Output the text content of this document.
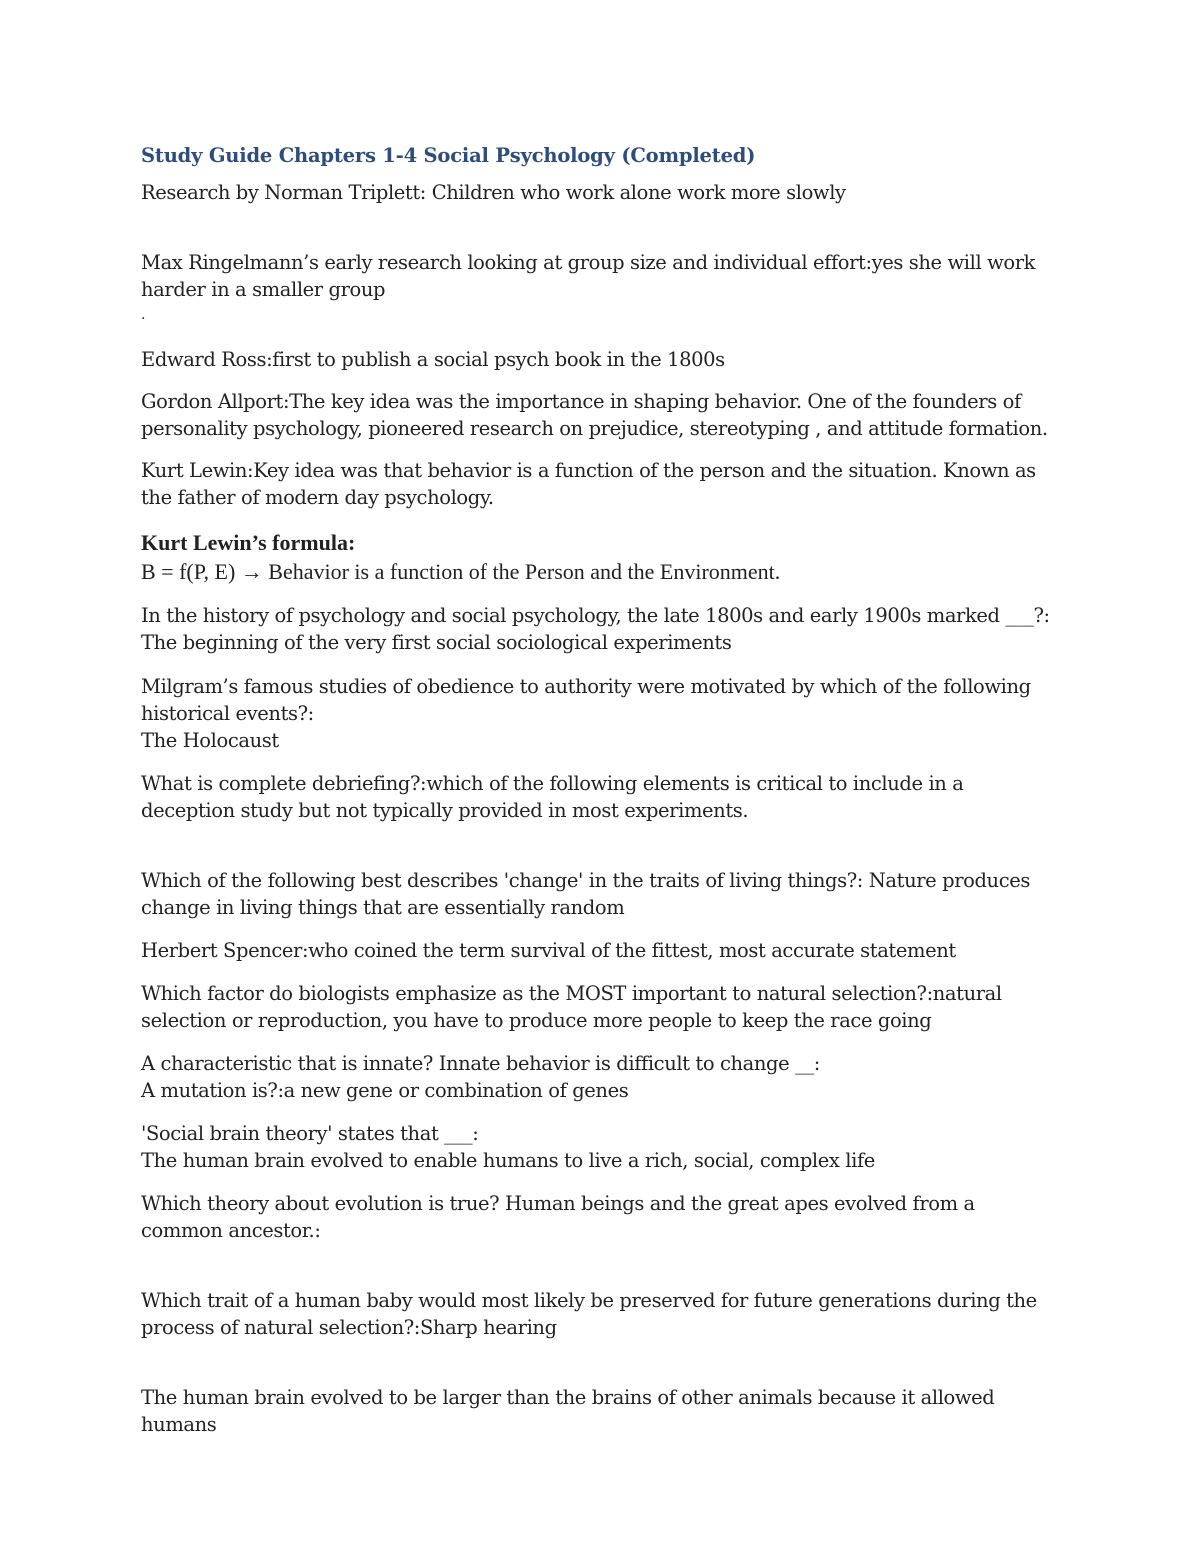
Study Guide Chapters 1-4 Social Psychology (Completed)

Research by Norman Triplett: Children who work alone work more slowly

Max Ringelmann’s early research looking at group size and individual effort:yes she will work harder in a smaller group

.

Edward Ross:first to publish a social psych book in the 1800s

Gordon Allport:The key idea was the importance in shaping behavior. One of the founders of personality psychology, pioneered research on prejudice, stereotyping , and attitude formation.

Kurt Lewin:Key idea was that behavior is a function of the person and the situation. Known as the father of modern day psychology.

Kurt Lewin’s formula:
B = f(P, E) → Behavior is a function of the Person and the Environment.

In the history of psychology and social psychology, the late 1800s and early 1900s marked ___?:

The beginning of the very first social sociological experiments

Milgram’s famous studies of obedience to authority were motivated by which of the following historical events?:

The Holocaust

What is complete debriefing?:which of the following elements is critical to include in a deception study but not typically provided in most experiments.

Which of the following best describes 'change' in the traits of living things?: Nature produces change in living things that are essentially random

Herbert Spencer:who coined the term survival of the fittest, most accurate statement

Which factor do biologists emphasize as the MOST important to natural selection?:natural selection or reproduction, you have to produce more people to keep the race going

A characteristic that is innate? Innate behavior is difficult to change __:

A mutation is?:a new gene or combination of genes

'Social brain theory' states that ___:

The human brain evolved to enable humans to live a rich, social, complex life

Which theory about evolution is true? Human beings and the great apes evolved from a common ancestor.:

Which trait of a human baby would most likely be preserved for future generations during the process of natural selection?:Sharp hearing

The human brain evolved to be larger than the brains of other animals because it allowed humans
